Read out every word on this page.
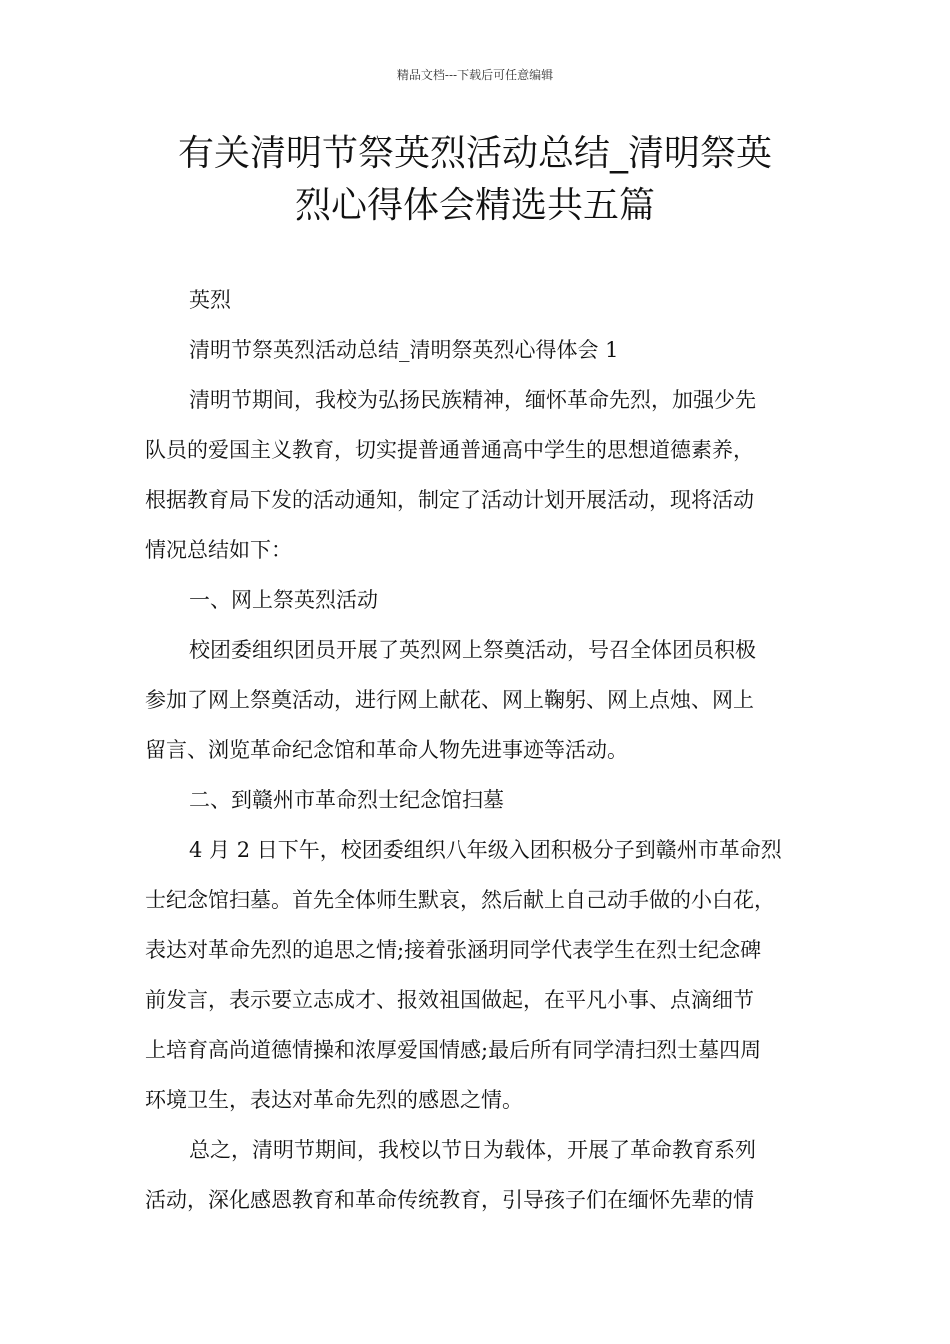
精品文档---下载后可任意编辑
有关清明节祭英烈活动总结_清明祭英
烈心得体会精选共五篇

英烈

清明节祭英烈活动总结_清明祭英烈心得体会 1

清明节期间，我校为弘扬民族精神，缅怀革命先烈，加强少先

队员的爱国主义教育，切实提普通普通高中学生的思想道德素养，

根据教育局下发的活动通知，制定了活动计划开展活动，现将活动

情况总结如下：

一、网上祭英烈活动

校团委组织团员开展了英烈网上祭奠活动，号召全体团员积极

参加了网上祭奠活动，进行网上献花、网上鞠躬、网上点烛、网上

留言、浏览革命纪念馆和革命人物先进事迹等活动。

二、到赣州市革命烈士纪念馆扫墓

4 月 2 日下午，校团委组织八年级入团积极分子到赣州市革命烈

士纪念馆扫墓。首先全体师生默哀，然后献上自己动手做的小白花，

表达对革命先烈的追思之情;接着张涵玥同学代表学生在烈士纪念碑

前发言，表示要立志成才、报效祖国做起，在平凡小事、点滴细节

上培育高尚道德情操和浓厚爱国情感;最后所有同学清扫烈士墓四周

环境卫生，表达对革命先烈的感恩之情。

总之，清明节期间，我校以节日为载体，开展了革命教育系列

活动，深化感恩教育和革命传统教育，引导孩子们在缅怀先辈的情
